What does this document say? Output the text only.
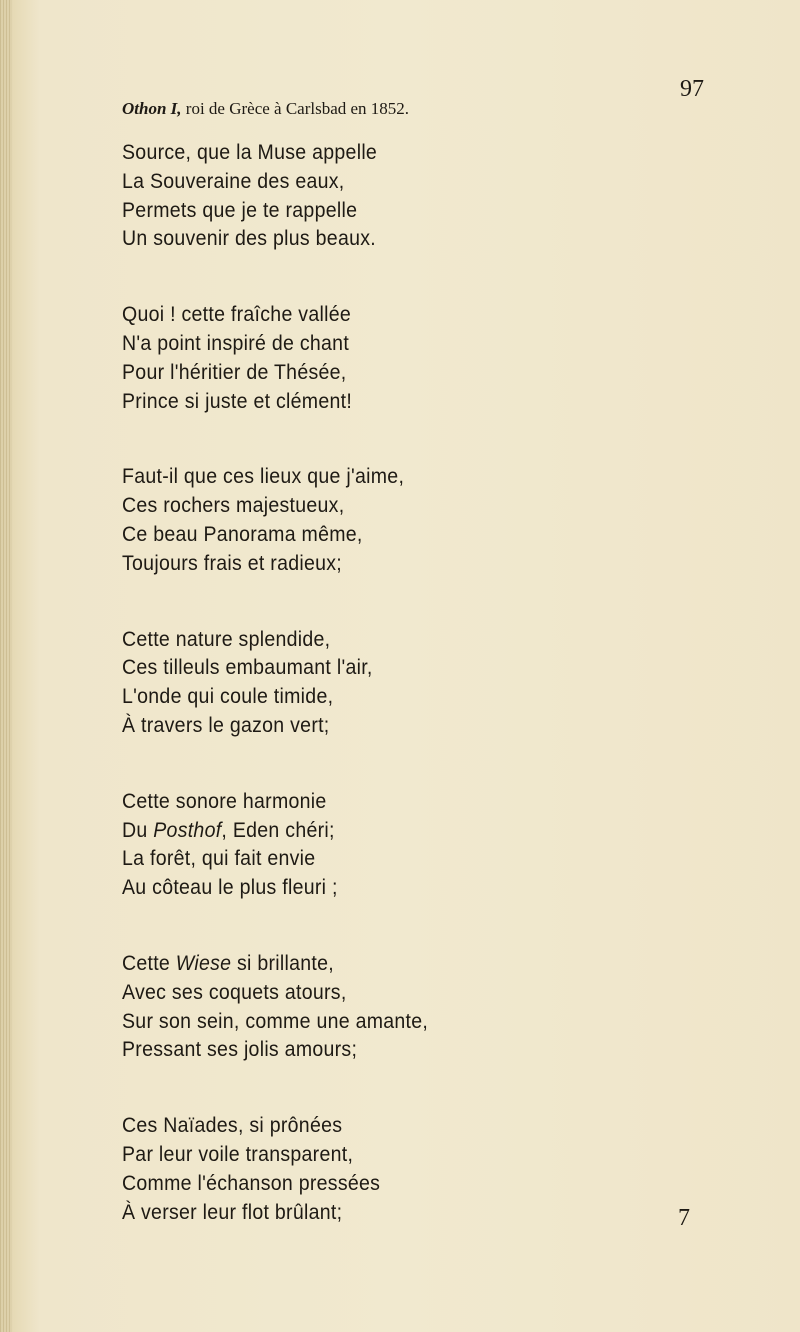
97
Othon I, roi de Grèce à Carlsbad en 1852.
Source, que la Muse appelle
La Souveraine des eaux,
Permets que je te rappelle
Un souvenir des plus beaux.
Quoi ! cette fraîche vallée
N'a point inspiré de chant
Pour l'héritier de Thésée,
Prince si juste et clément!
Faut-il que ces lieux que j'aime,
Ces rochers majestueux,
Ce beau Panorama même,
Toujours frais et radieux;
Cette nature splendide,
Ces tilleuls embaumant l'air,
L'onde qui coule timide,
À travers le gazon vert;
Cette sonore harmonie
Du Posthof, Eden chéri;
La forêt, qui fait envie
Au côteau le plus fleuri ;
Cette Wiese si brillante,
Avec ses coquets atours,
Sur son sein, comme une amante,
Pressant ses jolis amours;
Ces Naïades, si prônées
Par leur voile transparent,
Comme l'échanson pressées
À verser leur flot brûlant;	7
